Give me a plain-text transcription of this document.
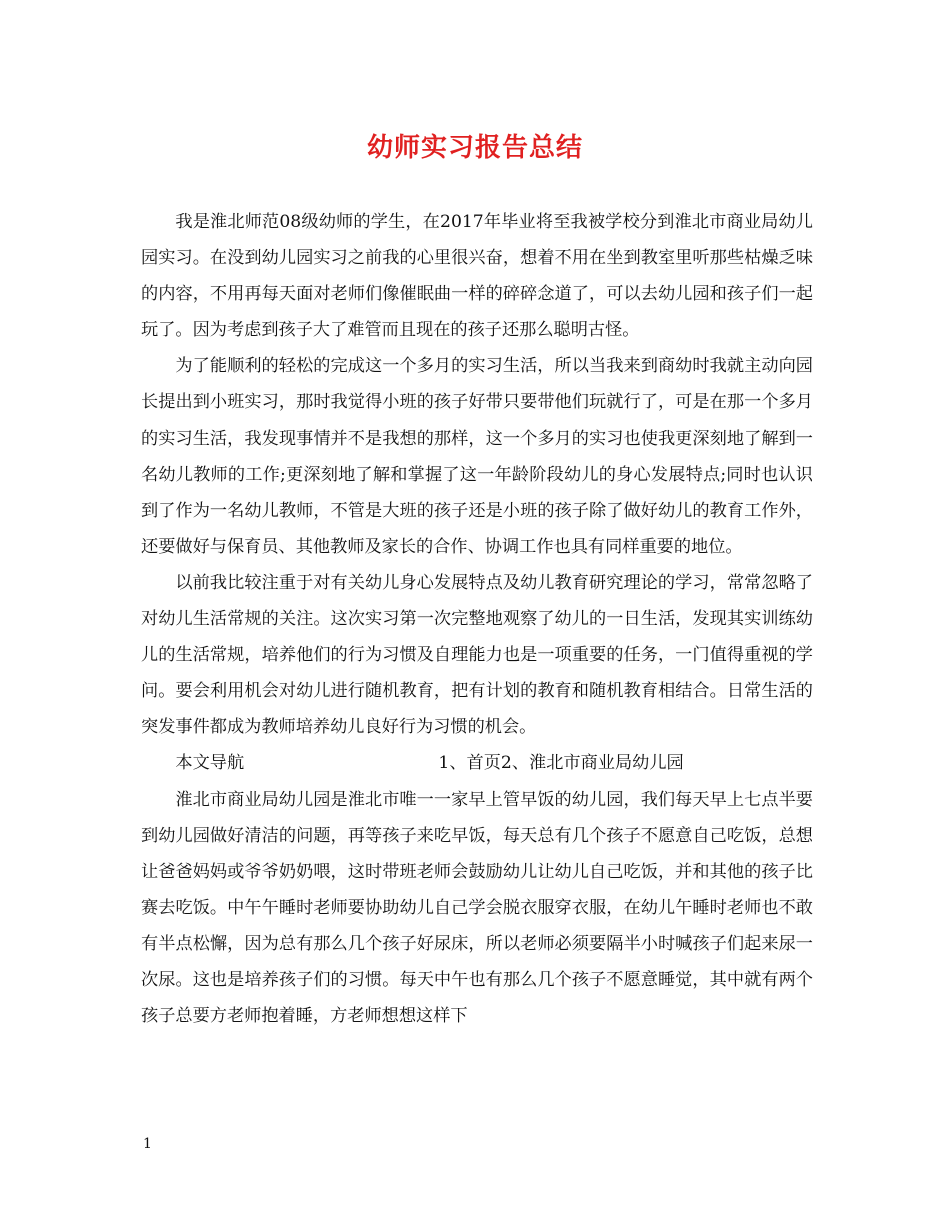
幼师实习报告总结

我是淮北师范08级幼师的学生，在2017年毕业将至我被学校分到淮北市商业局幼儿园实习。在没到幼儿园实习之前我的心里很兴奋，想着不用在坐到教室里听那些枯燥乏味的内容，不用再每天面对老师们像催眠曲一样的碎碎念道了，可以去幼儿园和孩子们一起玩了。因为考虑到孩子大了难管而且现在的孩子还那么聪明古怪。

为了能顺利的轻松的完成这一个多月的实习生活，所以当我来到商幼时我就主动向园长提出到小班实习，那时我觉得小班的孩子好带只要带他们玩就行了，可是在那一个多月的实习生活，我发现事情并不是我想的那样，这一个多月的实习也使我更深刻地了解到一名幼儿教师的工作;更深刻地了解和掌握了这一年龄阶段幼儿的身心发展特点;同时也认识到了作为一名幼儿教师，不管是大班的孩子还是小班的孩子除了做好幼儿的教育工作外，还要做好与保育员、其他教师及家长的合作、协调工作也具有同样重要的地位。

以前我比较注重于对有关幼儿身心发展特点及幼儿教育研究理论的学习，常常忽略了对幼儿生活常规的关注。这次实习第一次完整地观察了幼儿的一日生活，发现其实训练幼儿的生活常规，培养他们的行为习惯及自理能力也是一项重要的任务，一门值得重视的学问。要会利用机会对幼儿进行随机教育，把有计划的教育和随机教育相结合。日常生活的突发事件都成为教师培养幼儿良好行为习惯的机会。

本文导航	1、首页2、淮北市商业局幼儿园

淮北市商业局幼儿园是淮北市唯一一家早上管早饭的幼儿园，我们每天早上七点半要到幼儿园做好清洁的问题，再等孩子来吃早饭，每天总有几个孩子不愿意自己吃饭，总想让爸爸妈妈或爷爷奶奶喂，这时带班老师会鼓励幼儿让幼儿自己吃饭，并和其他的孩子比赛去吃饭。中午午睡时老师要协助幼儿自己学会脱衣服穿衣服，在幼儿午睡时老师也不敢有半点松懈，因为总有那么几个孩子好尿床，所以老师必须要隔半小时喊孩子们起来尿一次尿。这也是培养孩子们的习惯。每天中午也有那么几个孩子不愿意睡觉，其中就有两个孩子总要方老师抱着睡，方老师想想这样下

1
